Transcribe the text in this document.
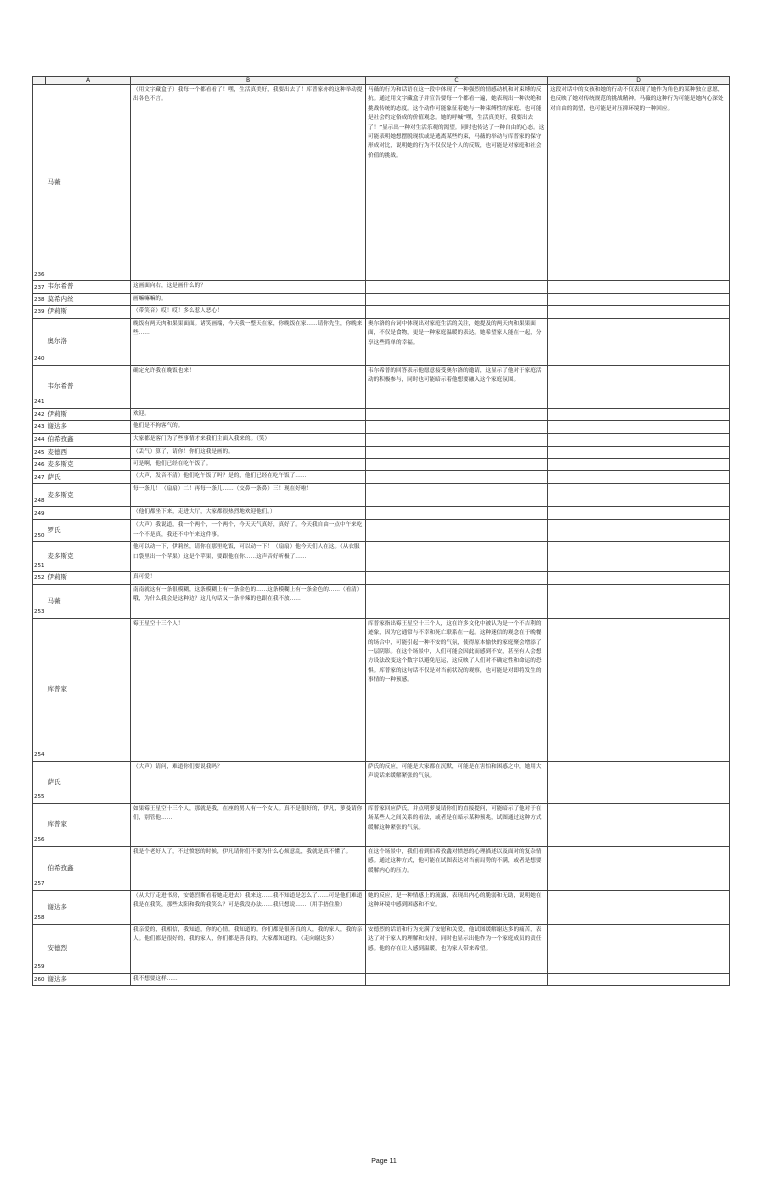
	A	B	C	D
236	马薇	（用文字藏盒子）我每一个都看看了！嘿，生活真美好，我要出去了！库普家亦的这种举动提出各色不言。	马薇的行为和话语在这一段中体现了一种强烈的情感动机和对束缚的反抗。通过用文字藏盒子并宣告要每一个都看一遍，她表现出一种决绝和挑战传统的态度。这个动作可能象征着她与一种束缚性的家庭、也可能是社会约定俗成的价值观念。她的呼喊“嘿，生活真美好，我要出去了！”显示出一种对生活乐观的渴望。同时也传达了一种自由的心态。这可能表明她想摆脱现状或是逃离某些约束，马薇的举动与库普家的保守形成对比，说明她的行为不仅仅是个人的反叛，也可能是对家庭和社会价值的挑战。	这段对话中的女孩和她的行动不仅表现了她作为角色的某种独立意愿，也反映了她对传统规范的挑战精神。马薇的这种行为可能是她内心深处对自由的渴望，也可能是对压抑环境的一种回应。
237	韦尔希普	这画面向右，这是画什么的？		
238	莫希内丝	画嘛嘛嘛的。		
239	伊莉斯	（带笑音）哎！哎！多么惹人恶心！		
240	奥尔洛	晚饭有两天肉和果果面面。诸笑画端，今天我一整天在家，你晚饭在家……请你先生，你晚来些……	奥尔洛的台词中体现出对家庭生活的关注，她提及的两天肉和果果面面，不仅是食物，更是一种家庭温暖的表达。她希望家人能在一起，分享这些简单的幸福。	
241	韦尔希普	确定允许我在晚饭也来！	韦尔希普的回答表示他愿意接受奥尔洛的邀请，这显示了他对于家庭活动的积极参与，同时也可能暗示着他想要融入这个家庭氛围。	
242	伊莉斯	欢迎。		
243	谢达多	他们是不拘客气的。		
244	伯希孜鑫	大家都是客门为了些事情才来我们主面入我来的。（笑）		
245	麦德西	（丢气）算了，请你！你们这我是画的。		
246	麦多斯克	可是啊，他们已经在吃午饭了。		
247	萨氏	（大声，发音不清）他们吃午饭了吗？是的，他们已经在吃午饭了……		
248	麦多斯克	每一条儿！（扇扇）二！再每一条儿……（交鼻一条鼻）三！现在好啦！		
249		（他们都坐下来，走进大厅，大家都很热烈地欢迎他们。）		
250	罗氏	（大声）我说道，我一个两个，一个两个，今天天气真好，真好了。今天我自由一点中午来吃一个不是真，我还不中午来这件事。		
251	麦多斯克	他可以动一下，伊莉丝，请你在那里吃饭，可以动一下！（扇扇）他今天们人在这。（从衣服口袋里出一个苹果）这是个苹果，要跟他在你……这声音好听极了……		
252	伊莉斯	真可爱！		
253	马薇	南南就这有一条很模糊，这条模糊上有一条金色的……这条模糊上有一条金色的……（看清）哦，为什么我会是这种边？这几句话又一条辛辣的也跟在我不放……		
254	库普家	霉王星空十三个人！	库普家指出霉王星空十三个人，这在许多文化中被认为是一个不吉利的迹象，因为它通常与不幸和死亡联系在一起。这种迷信的观念在于晚餐的场合中，可能引起一种不安的气氛，使得原本愉快的家庭聚会增添了一层阴影。在这个场景中，人们可能会因此而感到不安，甚至有人会想方设法改变这个数字以避免厄运，这反映了人们对不确定性和命运的恐惧。库普家的这句话不仅是对当前状况的观察，也可能是对即将发生的事情的一种预感。	
255	萨氏	（大声）请问，难道你们要说我吗？	萨氏的反应，可能是大家都在沉默，可能是在害怕和困惑之中，她用大声说话来缓解紧张的气氛。	
256	库普家	如果霉王星空十三个人，那就是我，在座的男人有一个女人。真不是很好的，伊凡，萝曼请你们，别管他……	库普家回应萨氏，并点明萝曼请你们的直接提问，可能暗示了他对于在场某些人之间关系的看法，或者是在暗示某种预兆，试图通过这种方式缓解这种紧张的气氛。	
257	伯希孜鑫	我是个老好人了，不过愤怒的时候，伊凡请你们不要为什么心烦意乱，我就是真不懂了。	在这个场景中，我们看到伯希孜鑫对愤怒的心理描述以及面对的复杂情感。通过这种方式，他可能在试图表达对当前局势的不满，或者是想要缓解内心的压力。	
258	谢达多	（从大厅走进书房，安德烈斯看着她走进去）我来这……我不知道是怎么了……可是他们难道我是在我笑，那些太阳和我的我笑么？可是我没办法……我只想说……（用手捂住脸）	她的反应，是一种情感上的流露，表现出内心的脆弱和无助，说明她在这种环境中感到困惑和不安。	
259	安德烈	我亲爱的，我相信，我知道，你的心情。我知道的。你们都是很善良的人，我的家人，我的亲人。他们都是很好的，我的家人，你们都是善良的，大家都知道的。（走向谢达多）	安德烈的话语和行为充满了安慰和关爱，他试图缓解谢达多的痛苦，表达了对于家人的理解和支持，同时也显示出他作为一个家庭成员的责任感。他的存在让人感到温暖，也为家人带来希望。	
260	谢达多	我不想要这样……		
Page 11
